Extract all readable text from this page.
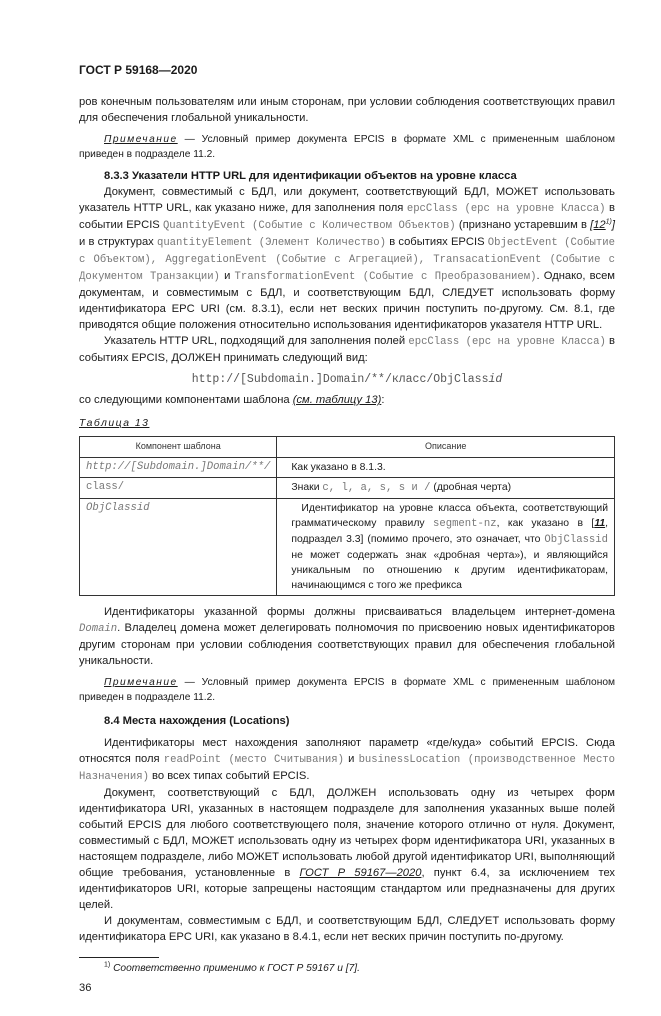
ГОСТ Р 59168—2020

ров конечным пользователям или иным сторонам, при условии соблюдения соответствующих правил для обеспечения глобальной уникальности.

Примечание — Условный пример документа EPCIS в формате XML с примененным шаблоном приведен в подразделе 11.2.

8.3.3 Указатели HTTP URL для идентификации объектов на уровне класса

Документ, совместимый с БДЛ, или документ, соответствующий БДЛ, МОЖЕТ использовать указатель HTTP URL, как указано ниже, для заполнения поля epcClass (epc на уровне Класса) в событии EPCIS QuantityEvent (Событие с Количеством Объектов) (признано устаревшим в [12$^{1)}$] и в структурах quantityElement (Элемент Количество) в событиях EPCIS ObjectEvent (Событие с Объектом), AggregationEvent (Событие с Агрегацией), TransacationEvent (Событие с Документом Транзакции) и TransformationEvent (Событие с Преобразованием). Однако, всем документам, и совместимым с БДЛ, и соответствующим БДЛ, СЛЕДУЕТ использовать форму идентификатора EPC URI (см. 8.3.1), если нет веских причин поступить по-другому. См. 8.1, где приводятся общие положения относительно использования идентификаторов указателя HTTP URL.

Указатель HTTP URL, подходящий для заполнения полей epcClass (epc на уровне Класса) в событиях EPCIS, ДОЛЖЕН принимать следующий вид:

http://[Subdomain.]Domain/**/класс/ObjClassid

со следующими компонентами шаблона (см. таблицу 13):

Таблица 13
Компонент шаблона	Описание
http://[Subdomain.]Domain/**/	Как указано в 8.1.3.
class/	Знаки c, l, a, s, s и / (дробная черта)
ObjClassid	Идентификатор на уровне класса объекта, соответствующий грамматическому правилу segment-nz, как указано в [11, подраздел 3.3] (помимо прочего, это означает, что ObjClassid не может содержать знак «дробная черта»), и являющийся уникальным по отношению к другим идентификаторам, начинающимся с того же префикса

Идентификаторы указанной формы должны присваиваться владельцем интернет-домена Domain. Владелец домена может делегировать полномочия по присвоению новых идентификаторов другим сторонам при условии соблюдения соответствующих правил для обеспечения глобальной уникальности.

Примечание — Условный пример документа EPCIS в формате XML с примененным шаблоном приведен в подразделе 11.2.

8.4 Места нахождения (Locations)

Идентификаторы мест нахождения заполняют параметр «где/куда» событий EPCIS. Сюда относятся поля readPoint (место Считывания) и businessLocation (производственное Место Назначения) во всех типах событий EPCIS.

Документ, соответствующий с БДЛ, ДОЛЖЕН использовать одну из четырех форм идентификатора URI, указанных в настоящем подразделе для заполнения указанных выше полей событий EPCIS для любого соответствующего поля, значение которого отлично от нуля. Документ, совместимый с БДЛ, МОЖЕТ использовать одну из четырех форм идентификатора URI, указанных в настоящем подразделе, либо МОЖЕТ использовать любой другой идентификатор URI, выполняющий общие требования, установленные в ГОСТ Р 59167—2020, пункт 6.4, за исключением тех идентификаторов URI, которые запрещены настоящим стандартом или предназначены для других целей.

И документам, совместимым с БДЛ, и соответствующим БДЛ, СЛЕДУЕТ использовать форму идентификатора EPC URI, как указано в 8.4.1, если нет веских причин поступить по-другому.

$^{1)}$ Соответственно применимо к ГОСТ Р 59167 и [7].
36
